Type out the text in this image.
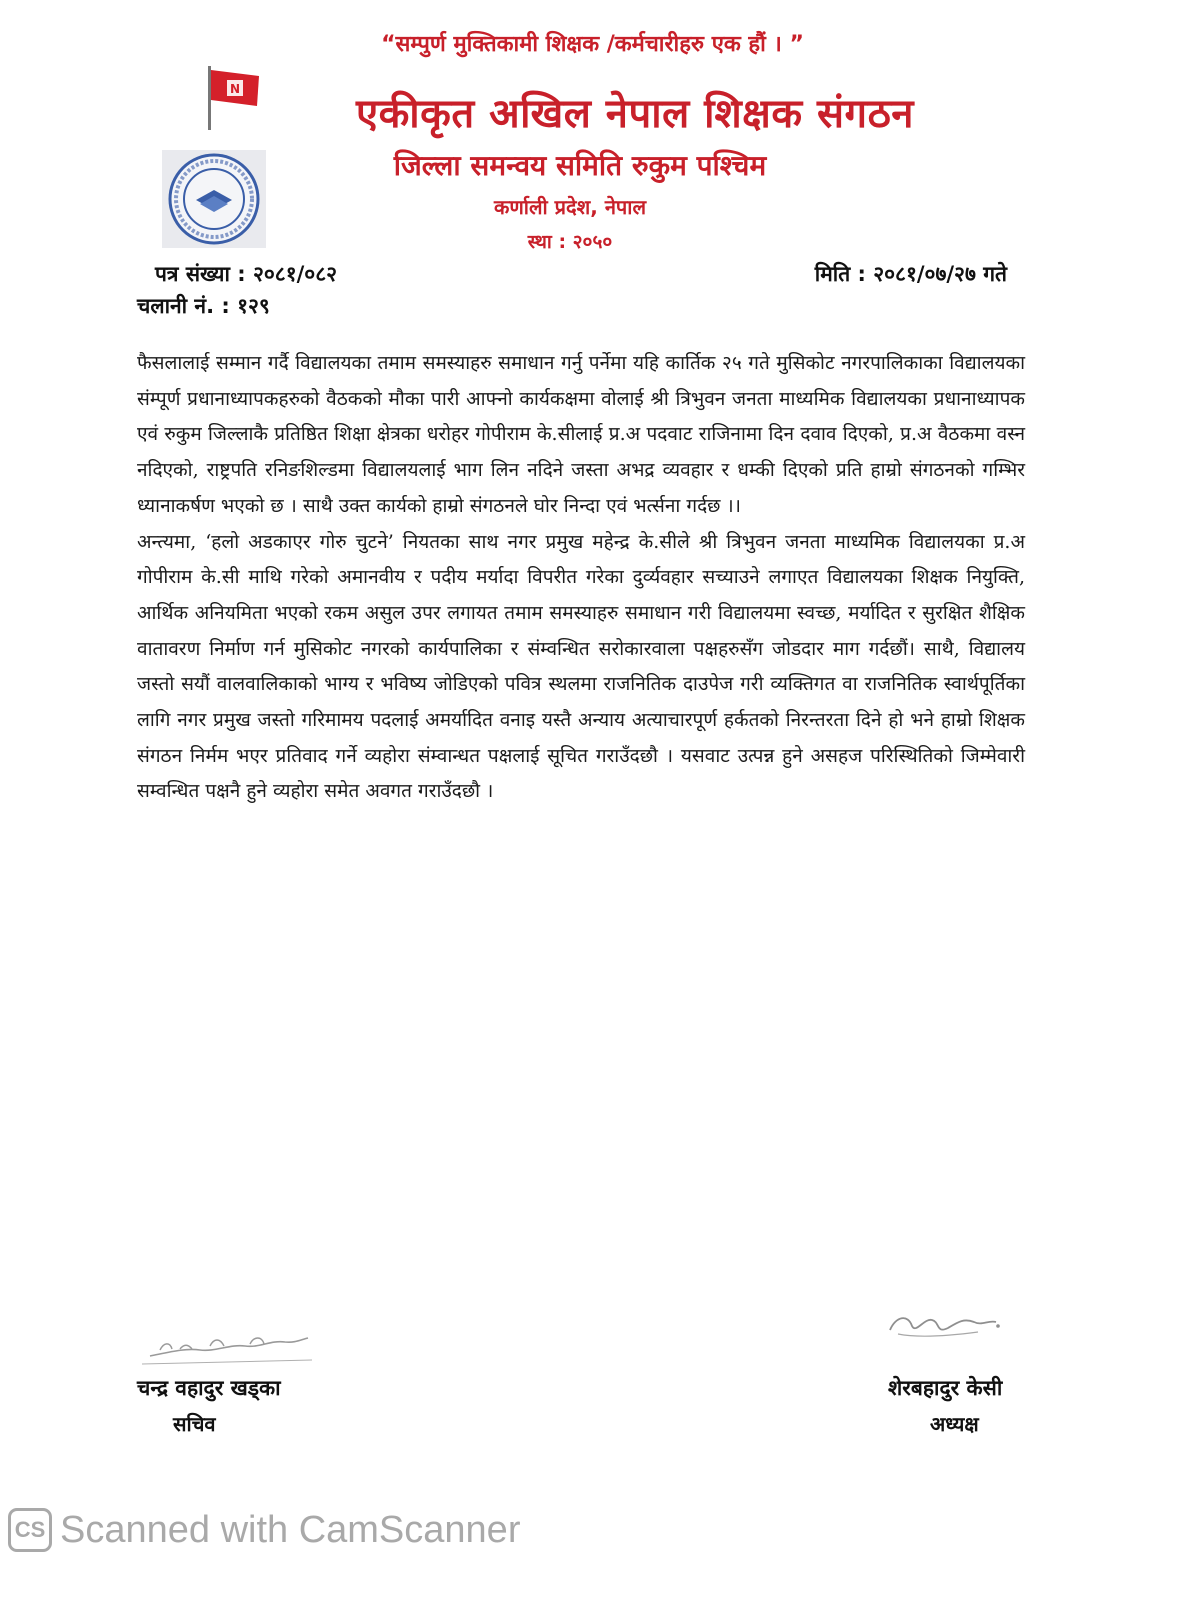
“सम्पुर्ण मुक्तिकामी शिक्षक /कर्मचारीहरु एक हौं । ”
N
एकीकृत अखिल नेपाल शिक्षक संगठन
जिल्ला समन्वय समिति रुकुम पश्चिम
कर्णाली प्रदेश, नेपाल
स्था : २०५०
पत्र संख्या : २०८१/०८२
चलानी नं. : १२९
मिति : २०८१/०७/२७ गते

फैसलालाई सम्मान गर्दै विद्यालयका तमाम समस्याहरु समाधान गर्नु पर्नेमा यहि कार्तिक २५ गते मुसिकोट नगरपालिकाका विद्यालयका संम्पूर्ण प्रधानाध्यापकहरुको वैठकको मौका पारी आफ्नो कार्यकक्षमा वोलाई श्री त्रिभुवन जनता माध्यमिक विद्यालयका प्रधानाध्यापक एवं रुकुम जिल्लाकै प्रतिष्ठित शिक्षा क्षेत्रका धरोहर गोपीराम के.सीलाई प्र.अ पदवाट राजिनामा दिन दवाव दिएको, प्र.अ वैठकमा वस्न नदिएको, राष्ट्रपति रनिङशिल्डमा विद्यालयलाई भाग लिन नदिने जस्ता अभद्र व्यवहार र धम्की दिएको प्रति हाम्रो संगठनको गम्भिर ध्यानाकर्षण भएको छ । साथै उक्त कार्यको हाम्रो संगठनले घोर निन्दा एवं भर्त्सना गर्दछ ।।

अन्त्यमा, ‘हलो अडकाएर गोरु चुटने’ नियतका साथ नगर प्रमुख महेन्द्र के.सीले श्री त्रिभुवन जनता माध्यमिक विद्यालयका प्र.अ गोपीराम के.सी माथि गरेको अमानवीय र पदीय मर्यादा विपरीत गरेका दुर्व्यवहार सच्याउने लगाएत विद्यालयका शिक्षक नियुक्ति, आर्थिक अनियमिता भएको रकम असुल उपर लगायत तमाम समस्याहरु समाधान गरी विद्यालयमा स्वच्छ, मर्यादित र सुरक्षित शैक्षिक वातावरण निर्माण गर्न मुसिकोट नगरको कार्यपालिका र संम्वन्धित सरोकारवाला पक्षहरुसँग जोडदार माग गर्दछौं। साथै, विद्यालय जस्तो सयौं वालवालिकाको भाग्य र भविष्य जोडिएको पवित्र स्थलमा राजनितिक दाउपेज गरी व्यक्तिगत वा राजनितिक स्वार्थपूर्तिका लागि नगर प्रमुख जस्तो गरिमामय पदलाई अमर्यादित वनाइ यस्तै अन्याय अत्याचारपूर्ण हर्कतको निरन्तरता दिने हो भने हाम्रो शिक्षक संगठन निर्मम भएर प्रतिवाद गर्ने व्यहोरा संम्वान्धत पक्षलाई सूचित गराउँदछौ । यसवाट उत्पन्न हुने असहज परिस्थितिको जिम्मेवारी सम्वन्धित पक्षनै हुने व्यहोरा समेत अवगत गराउँदछौ ।

चन्द्र वहादुर खड्का
सचिव
शेरबहादुर केसी
अध्यक्ष
CS Scanned with CamScanner
